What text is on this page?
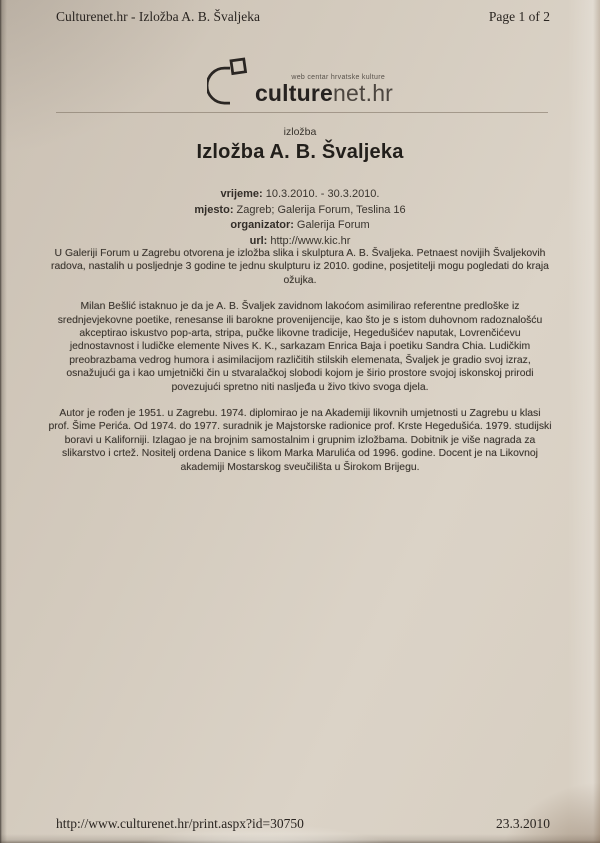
Culturenet.hr - Izložba A. B. Švaljeka	Page 1 of 2
web centar hrvatske kulture
culturenet.hr
izložba
Izložba A. B. Švaljeka
vrijeme: 10.3.2010. - 30.3.2010.
mjesto: Zagreb; Galerija Forum, Teslina 16
organizator: Galerija Forum
url: http://www.kic.hr

U Galeriji Forum u Zagrebu otvorena je izložba slika i skulptura A. B. Švaljeka. Petnaest novijih Švaljekovih radova, nastalih u posljednje 3 godine te jednu skulpturu iz 2010. godine, posjetitelji mogu pogledati do kraja ožujka.

Milan Bešlić istaknuo je da je A. B. Švaljek zavidnom lakoćom asimilirao referentne predloške iz srednjevjekovne poetike, renesanse ili barokne provenijencije, kao što je s istom duhovnom radoznalošću akceptirao iskustvo pop-arta, stripa, pučke likovne tradicije, Hegedušićev naputak, Lovrenčićevu jednostavnost i ludičke elemente Nives K. K., sarkazam Enrica Baja i poetiku Sandra Chia. Ludičkim preobrazbama vedrog humora i asimilacijom različitih stilskih elemenata, Švaljek je gradio svoj izraz, osnažujući ga i kao umjetnički čin u stvaralačkoj slobodi kojom je širio prostore svojoj iskonskoj prirodi povezujući spretno niti nasljeđa u živo tkivo svoga djela.

Autor je rođen je 1951. u Zagrebu. 1974. diplomirao je na Akademiji likovnih umjetnosti u Zagrebu u klasi prof. Šime Perića. Od 1974. do 1977. suradnik je Majstorske radionice prof. Krste Hegedušića. 1979. studijski boravi u Kaliforniji. Izlagao je na brojnim samostalnim i grupnim izložbama. Dobitnik je više nagrada za slikarstvo i crtež. Nositelj ordena Danice s likom Marka Marulića od 1996. godine. Docent je na Likovnoj akademiji Mostarskog sveučilišta u Širokom Brijegu.

http://www.culturenet.hr/print.aspx?id=30750	23.3.2010
